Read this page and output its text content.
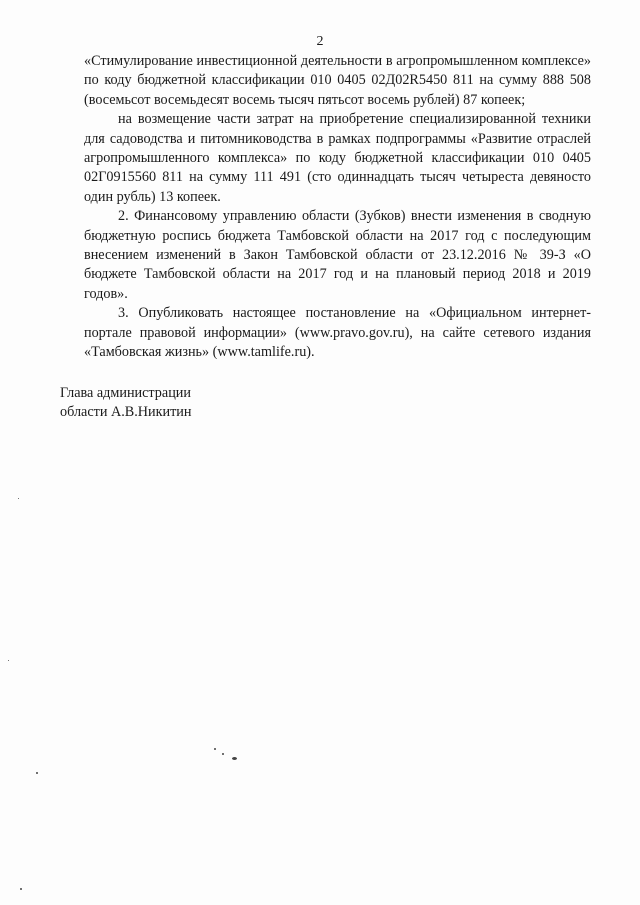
2

«Стимулирование инвестиционной деятельности в агропромышленном комплексе» по коду бюджетной классификации 010 0405 02Д02R5450 811 на сумму 888 508 (восемьсот восемьдесят восемь тысяч пятьсот восемь рублей) 87 копеек;

на возмещение части затрат на приобретение специализированной техники для садоводства и питомниководства в рамках подпрограммы «Развитие отраслей агропромышленного комплекса» по коду бюджетной классификации 010 0405 02Г0915560 811 на сумму 111 491 (сто одиннадцать тысяч четыреста девяносто один рубль) 13 копеек.

2. Финансовому управлению области (Зубков) внести изменения в сводную бюджетную роспись бюджета Тамбовской области на 2017 год с последующим внесением изменений в Закон Тамбовской области от 23.12.2016 № 39-З «О бюджете Тамбовской области на 2017 год и на плановый период 2018 и 2019 годов».

3. Опубликовать настоящее постановление на «Официальном интернет-портале правовой информации» (www.pravo.gov.ru), на сайте сетевого издания «Тамбовская жизнь» (www.tamlife.ru).

Глава администрации
области А.В.Никитин
